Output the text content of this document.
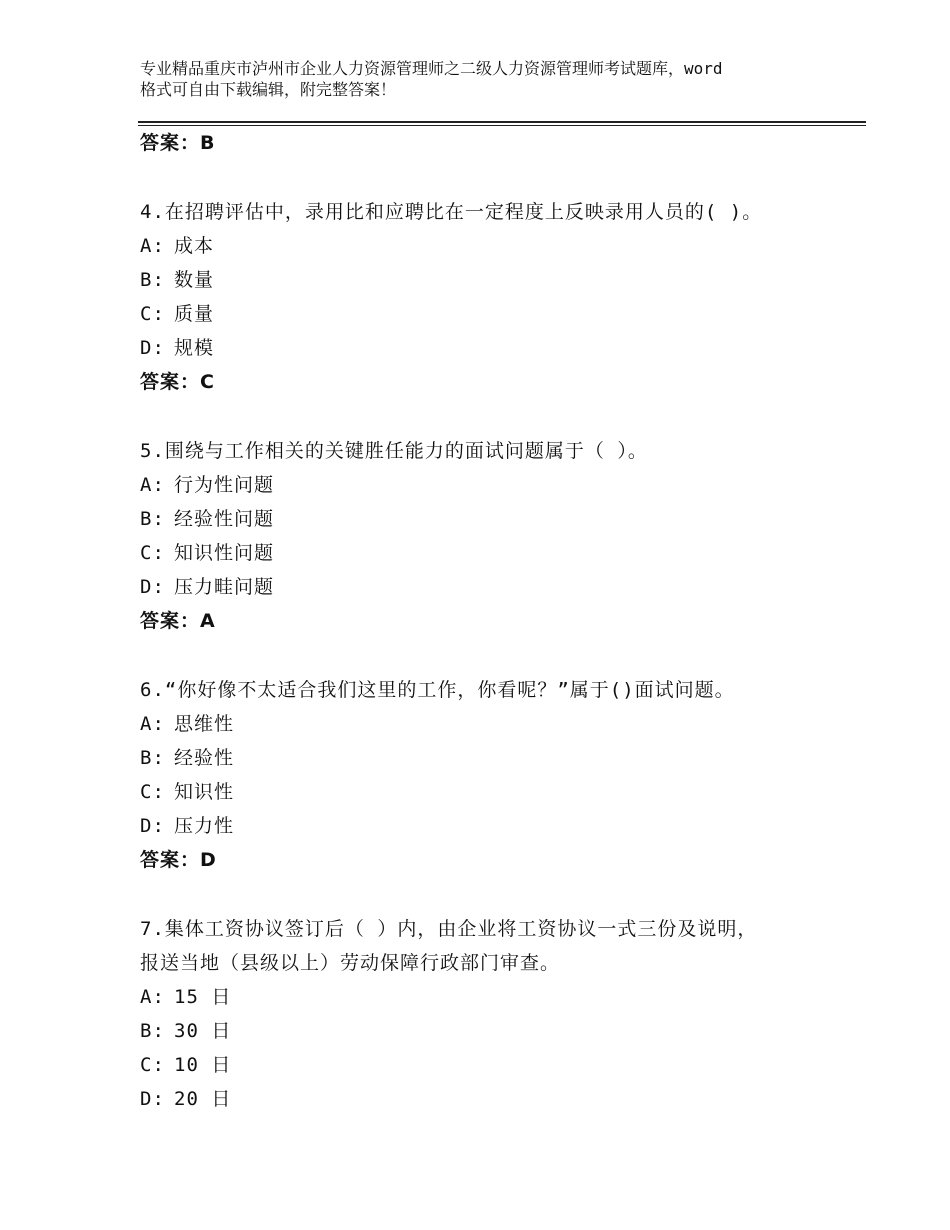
专业精品重庆市泸州市企业人力资源管理师之二级人力资源管理师考试题库，word
格式可自由下载编辑，附完整答案！
答案：B
4.在招聘评估中，录用比和应聘比在一定程度上反映录用人员的( )。
A: 成本
B: 数量
C: 质量
D: 规模
答案：C
5.围绕与工作相关的关键胜任能力的面试问题属于（ ）。
A: 行为性问题
B: 经验性问题
C: 知识性问题
D: 压力畦问题
答案：A
6.“你好像不太适合我们这里的工作，你看呢？”属于()面试问题。
A: 思维性
B: 经验性
C: 知识性
D: 压力性
答案：D
7.集体工资协议签订后（ ）内，由企业将工资协议一式三份及说明，
报送当地（县级以上）劳动保障行政部门审查。
A: 15 日
B: 30 日
C: 10 日
D: 20 日
